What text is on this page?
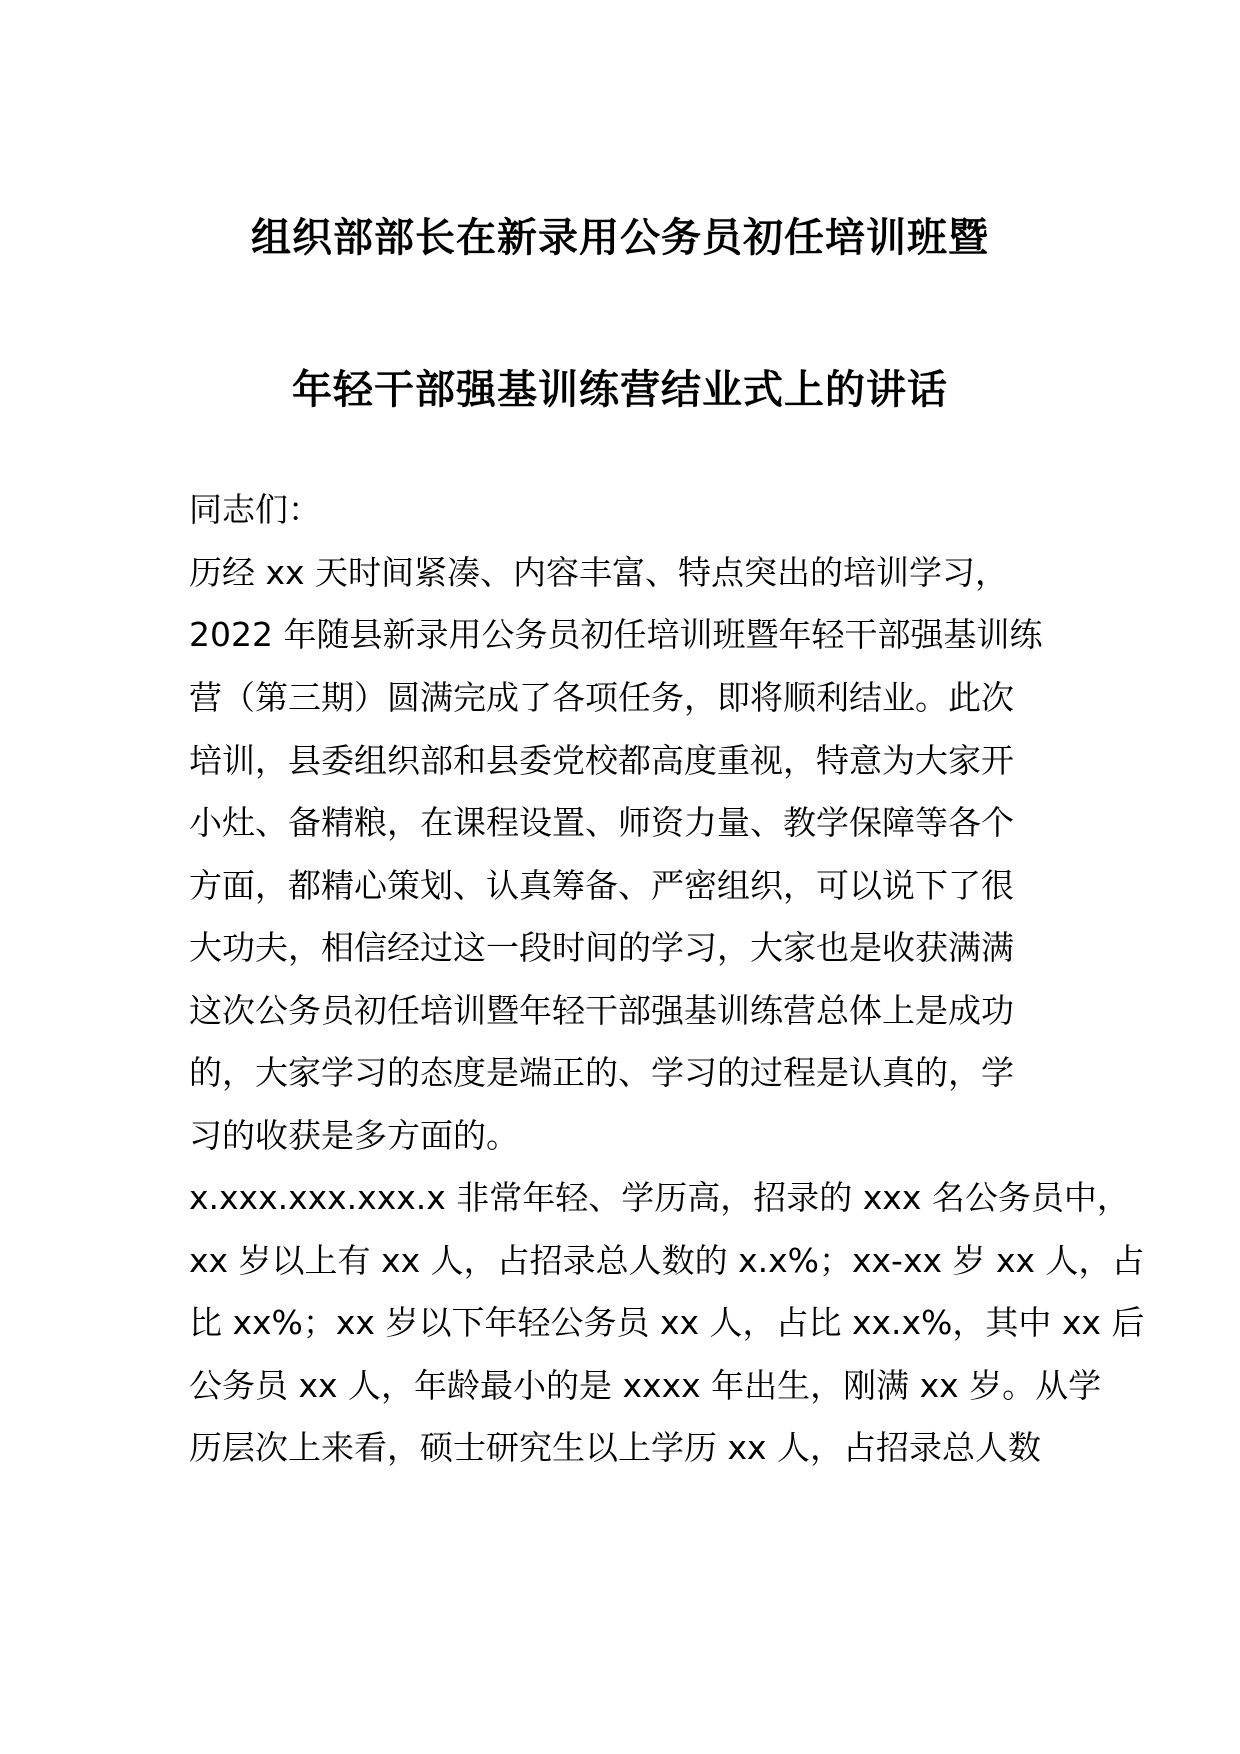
组织部部长在新录用公务员初任培训班暨
年轻干部强基训练营结业式上的讲话
同志们：
历经 xx 天时间紧凑、内容丰富、特点突出的培训学习，
2022 年随县新录用公务员初任培训班暨年轻干部强基训练
营（第三期）圆满完成了各项任务，即将顺利结业。此次
培训，县委组织部和县委党校都高度重视，特意为大家开
小灶、备精粮，在课程设置、师资力量、教学保障等各个
方面，都精心策划、认真筹备、严密组织，可以说下了很
大功夫，相信经过这一段时间的学习，大家也是收获满满
这次公务员初任培训暨年轻干部强基训练营总体上是成功
的，大家学习的态度是端正的、学习的过程是认真的，学
习的收获是多方面的。
x.xxx.xxx.xxx.x 非常年轻、学历高，招录的 xxx 名公务员中，
xx 岁以上有 xx 人，占招录总人数的 x.x%；xx-xx 岁 xx 人，占
比 xx%；xx 岁以下年轻公务员 xx 人，占比 xx.x%，其中 xx 后
公务员 xx 人，年龄最小的是 xxxx 年出生，刚满 xx 岁。从学
历层次上来看，硕士研究生以上学历 xx 人，占招录总人数
